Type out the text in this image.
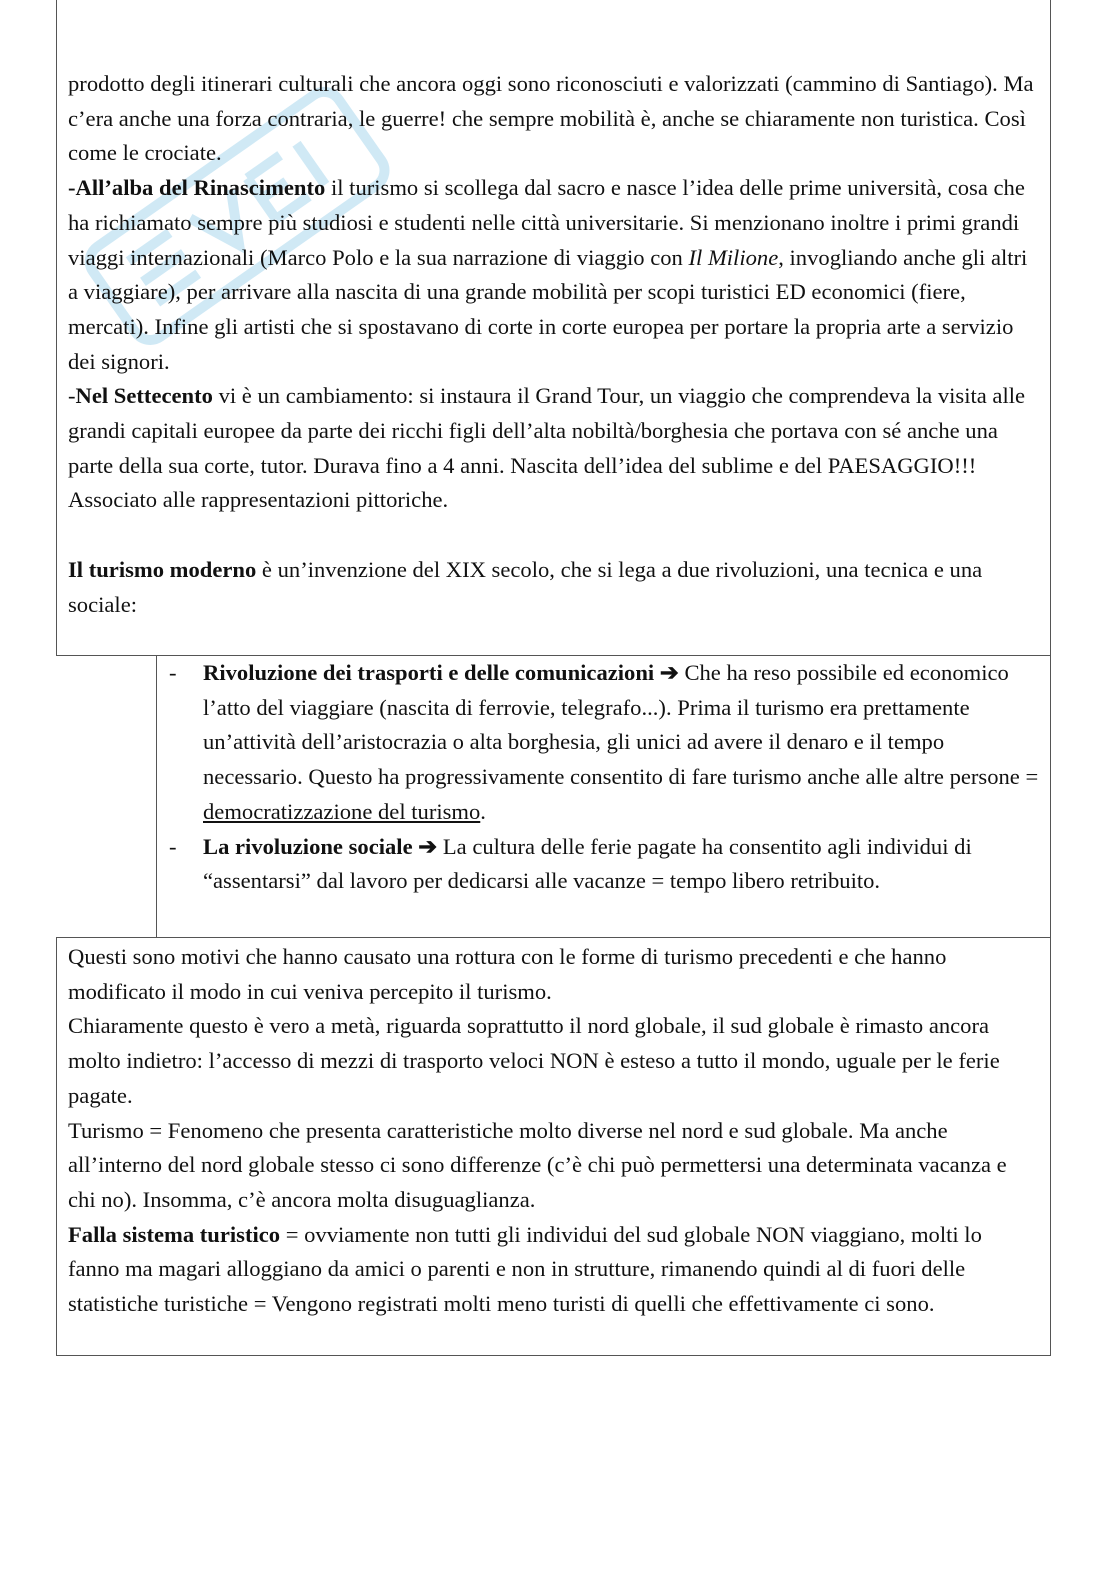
prodotto degli itinerari culturali che ancora oggi sono riconosciuti e valorizzati (cammino di Santiago). Ma c’era anche una forza contraria, le guerre! che sempre mobilità è, anche se chiaramente non turistica. Così come le crociate.
-All’alba del Rinascimento il turismo si scollega dal sacro e nasce l’idea delle prime università, cosa che ha richiamato sempre più studiosi e studenti nelle città universitarie. Si menzionano inoltre i primi grandi viaggi internazionali (Marco Polo e la sua narrazione di viaggio con Il Milione, invogliando anche gli altri a viaggiare), per arrivare alla nascita di una grande mobilità per scopi turistici ED economici (fiere, mercati). Infine gli artisti che si spostavano di corte in corte europea per portare la propria arte a servizio dei signori.
-Nel Settecento vi è un cambiamento: si instaura il Grand Tour, un viaggio che comprendeva la visita alle grandi capitali europee da parte dei ricchi figli dell’alta nobiltà/borghesia che portava con sé anche una parte della sua corte, tutor. Durava fino a 4 anni. Nascita dell’idea del sublime e del PAESAGGIO!!! Associato alle rappresentazioni pittoriche.

Il turismo moderno è un’invenzione del XIX secolo, che si lega a due rivoluzioni, una tecnica e una sociale:

- Rivoluzione dei trasporti e delle comunicazioni ➔ Che ha reso possibile ed economico l’atto del viaggiare (nascita di ferrovie, telegrafo...). Prima il turismo era prettamente un’attività dell’aristocrazia o alta borghesia, gli unici ad avere il denaro e il tempo necessario. Questo ha progressivamente consentito di fare turismo anche alle altre persone = democratizzazione del turismo.
- La rivoluzione sociale ➔ La cultura delle ferie pagate ha consentito agli individui di “assentarsi” dal lavoro per dedicarsi alle vacanze = tempo libero retribuito.

Questi sono motivi che hanno causato una rottura con le forme di turismo precedenti e che hanno modificato il modo in cui veniva percepito il turismo.

Chiaramente questo è vero a metà, riguarda soprattutto il nord globale, il sud globale è rimasto ancora molto indietro: l’accesso di mezzi di trasporto veloci NON è esteso a tutto il mondo, uguale per le ferie pagate.

Turismo = Fenomeno che presenta caratteristiche molto diverse nel nord e sud globale. Ma anche all’interno del nord globale stesso ci sono differenze (c’è chi può permettersi una determinata vacanza e chi no). Insomma, c’è ancora molta disuguaglianza.

Falla sistema turistico = ovviamente non tutti gli individui del sud globale NON viaggiano, molti lo fanno ma magari alloggiano da amici o parenti e non in strutture, rimanendo quindi al di fuori delle statistiche turistiche = Vengono registrati molti meno turisti di quelli che effettivamente ci sono.
